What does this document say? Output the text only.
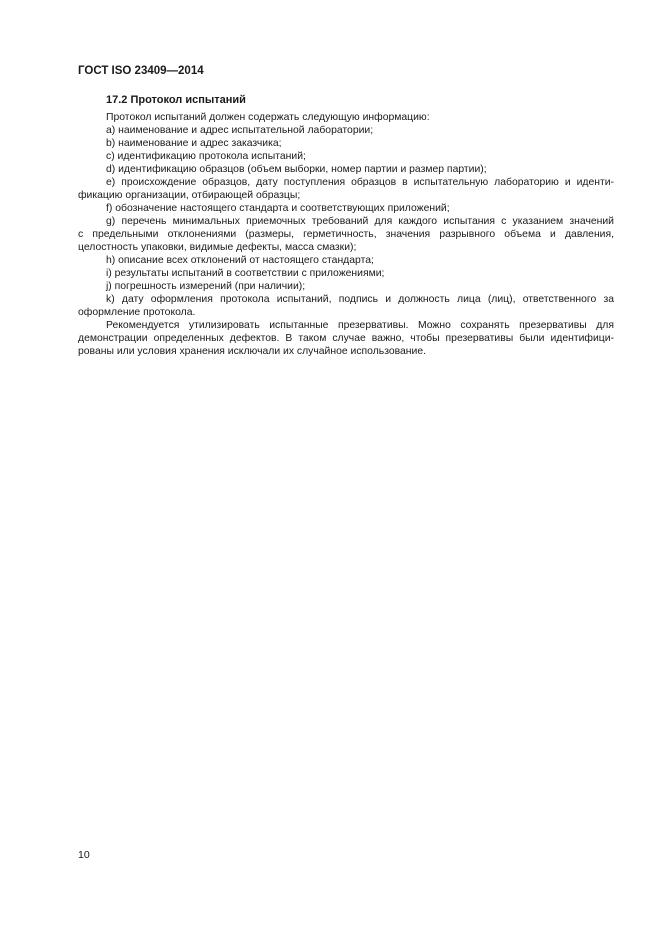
ГОСТ ISO 23409—2014
17.2 Протокол испытаний
Протокол испытаний должен содержать следующую информацию:
a) наименование и адрес испытательной лаборатории;
b) наименование и адрес заказчика;
c) идентификацию протокола испытаний;
d) идентификацию образцов (объем выборки, номер партии и размер партии);
e) происхождение образцов, дату поступления образцов в испытательную лабораторию и иденти-
фикацию организации, отбирающей образцы;
f) обозначение настоящего стандарта и соответствующих приложений;
g) перечень минимальных приемочных требований для каждого испытания с указанием значений
с предельными отклонениями (размеры, герметичность, значения разрывного объема и давления,
целостность упаковки, видимые дефекты, масса смазки);
h) описание всех отклонений от настоящего стандарта;
i) результаты испытаний в соответствии с приложениями;
j) погрешность измерений (при наличии);
k) дату оформления протокола испытаний, подпись и должность лица (лиц), ответственного за
оформление протокола.
Рекомендуется утилизировать испытанные презервативы. Можно сохранять презервативы для
демонстрации определенных дефектов. В таком случае важно, чтобы презервативы были идентифици-
рованы или условия хранения исключали их случайное использование.
10
